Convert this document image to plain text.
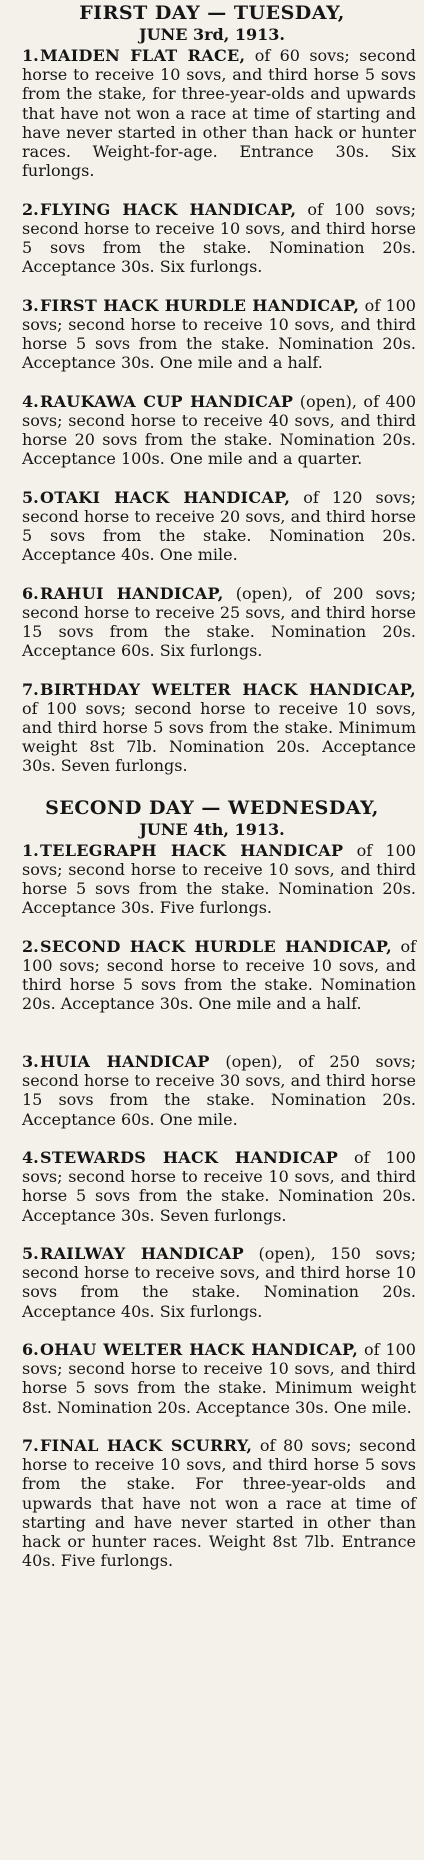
FIRST DAY — TUESDAY,
JUNE 3rd, 1913.

1. MAIDEN FLAT RACE, of 60 sovs; second horse to receive 10 sovs, and third horse 5 sovs from the stake, for three-year-olds and upwards that have not won a race at time of starting and have never started in other than hack or hunter races. Weight-for-age. Entrance 30s. Six furlongs.

2. FLYING HACK HANDICAP, of 100 sovs; second horse to receive 10 sovs, and third horse 5 sovs from the stake. Nomination 20s. Acceptance 30s. Six furlongs.

3. FIRST HACK HURDLE HANDICAP, of 100 sovs; second horse to receive 10 sovs, and third horse 5 sovs from the stake. Nomination 20s. Acceptance 30s. One mile and a half.

4. RAUKAWA CUP HANDICAP (open), of 400 sovs; second horse to receive 40 sovs, and third horse 20 sovs from the stake. Nomination 20s. Acceptance 100s. One mile and a quarter.

5. OTAKI HACK HANDICAP, of 120 sovs; second horse to receive 20 sovs, and third horse 5 sovs from the stake. Nomination 20s. Acceptance 40s. One mile.

6. RAHUI HANDICAP, (open), of 200 sovs; second horse to receive 25 sovs, and third horse 15 sovs from the stake. Nomination 20s. Acceptance 60s. Six furlongs.

7. BIRTHDAY WELTER HACK HANDICAP, of 100 sovs; second horse to receive 10 sovs, and third horse 5 sovs from the stake. Minimum weight 8st 7lb. Nomination 20s. Acceptance 30s. Seven furlongs.

SECOND DAY — WEDNESDAY,
JUNE 4th, 1913.

1. TELEGRAPH HACK HANDICAP of 100 sovs; second horse to receive 10 sovs, and third horse 5 sovs from the stake. Nomination 20s. Acceptance 30s. Five furlongs.

2. SECOND HACK HURDLE HANDICAP, of 100 sovs; second horse to receive 10 sovs, and third horse 5 sovs from the stake. Nomination 20s. Acceptance 30s. One mile and a half.

3. HUIA HANDICAP (open), of 250 sovs; second horse to receive 30 sovs, and third horse 15 sovs from the stake. Nomination 20s. Acceptance 60s. One mile.

4. STEWARDS HACK HANDICAP of 100 sovs; second horse to receive 10 sovs, and third horse 5 sovs from the stake. Nomination 20s. Acceptance 30s. Seven furlongs.

5. RAILWAY HANDICAP (open), 150 sovs; second horse to receive sovs, and third horse 10 sovs from the stake. Nomination 20s. Acceptance 40s. Six furlongs.

6. OHAU WELTER HACK HANDICAP, of 100 sovs; second horse to receive 10 sovs, and third horse 5 sovs from the stake. Minimum weight 8st. Nomination 20s. Acceptance 30s. One mile.

7. FINAL HACK SCURRY, of 80 sovs; second horse to receive 10 sovs, and third horse 5 sovs from the stake. For three-year-olds and upwards that have not won a race at time of starting and have never started in other than hack or hunter races. Weight 8st 7lb. Entrance 40s. Five furlongs.
